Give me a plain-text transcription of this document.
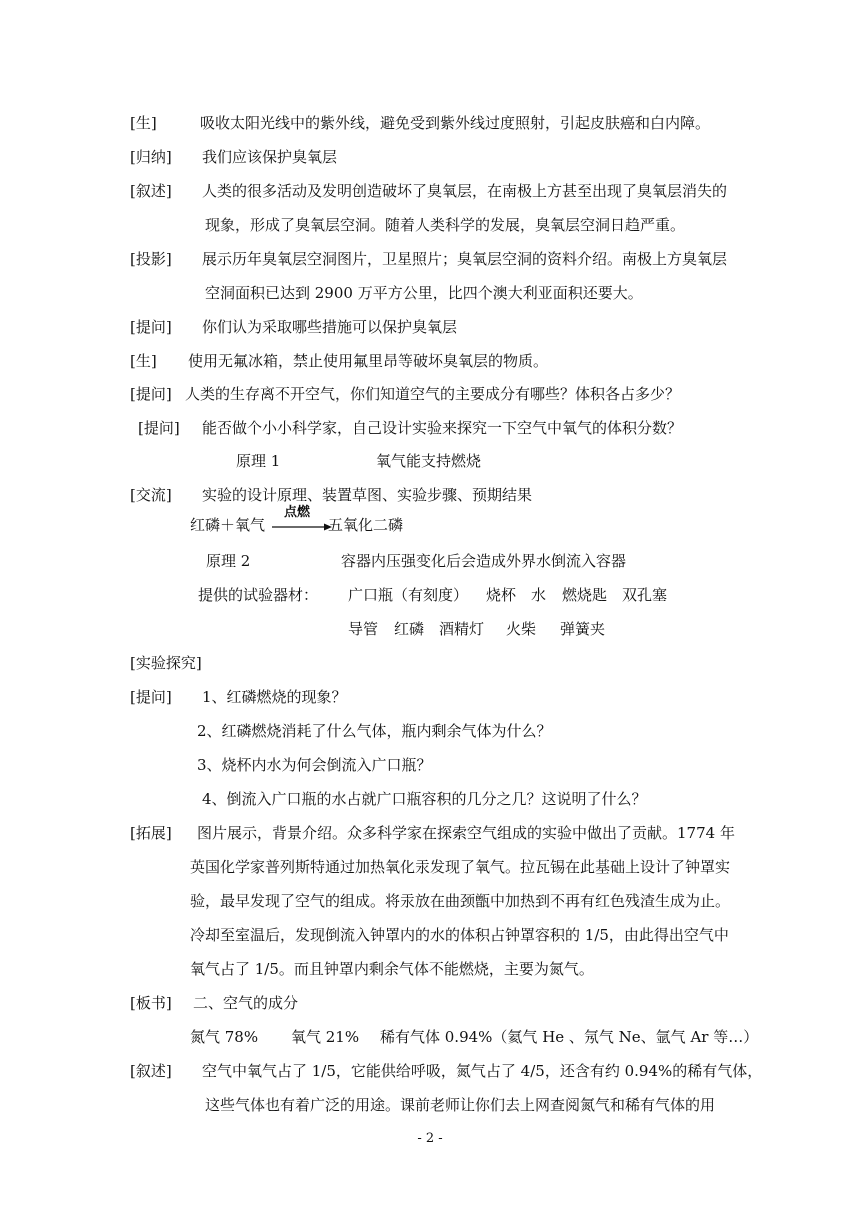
[生]	吸收太阳光线中的紫外线，避免受到紫外线过度照射，引起皮肤癌和白内障。
[归纳] 我们应该保护臭氧层
[叙述] 人类的很多活动及发明创造破坏了臭氧层，在南极上方甚至出现了臭氧层消失的
现象，形成了臭氧层空洞。随着人类科学的发展，臭氧层空洞日趋严重。
[投影] 展示历年臭氧层空洞图片，卫星照片；臭氧层空洞的资料介绍。南极上方臭氧层
空洞面积已达到 2900 万平方公里，比四个澳大利亚面积还要大。
[提问] 你们认为采取哪些措施可以保护臭氧层
[生] 使用无氟冰箱，禁止使用氟里昂等破坏臭氧层的物质。
[提问] 人类的生存离不开空气，你们知道空气的主要成分有哪些？体积各占多少？
[提问] 能否做个小小科学家，自己设计实验来探究一下空气中氧气的体积分数？
原理 1	氧气能支持燃烧
[交流] 实验的设计原理、装置草图、实验步骤、预期结果
红磷＋氧气
点燃
五氧化二磷
原理 2	容器内压强变化后会造成外界水倒流入容器
提供的试验器材： 广口瓶（有刻度） 烧杯 水 燃烧匙 双孔塞
导管 红磷 酒精灯 火柴 弹簧夹
[实验探究]
[提问] 1、红磷燃烧的现象？
2、红磷燃烧消耗了什么气体，瓶内剩余气体为什么？
3、烧杯内水为何会倒流入广口瓶？
4、倒流入广口瓶的水占就广口瓶容积的几分之几？这说明了什么？
[拓展] 图片展示，背景介绍。众多科学家在探索空气组成的实验中做出了贡献。1774 年
英国化学家普列斯特通过加热氧化汞发现了氧气。拉瓦锡在此基础上设计了钟罩实
验，最早发现了空气的组成。将汞放在曲颈甑中加热到不再有红色残渣生成为止。
冷却至室温后，发现倒流入钟罩内的水的体积占钟罩容积的 1/5，由此得出空气中
氧气占了 1/5。而且钟罩内剩余气体不能燃烧，主要为氮气。
[板书] 二、空气的成分
氮气 78% 氧气 21% 稀有气体 0.94%（氦气 He 、氖气 Ne、氩气 Ar 等…）
[叙述] 空气中氧气占了 1/5，它能供给呼吸，氮气占了 4/5，还含有约 0.94%的稀有气体，
这些气体也有着广泛的用途。课前老师让你们去上网查阅氮气和稀有气体的用
- 2 -
